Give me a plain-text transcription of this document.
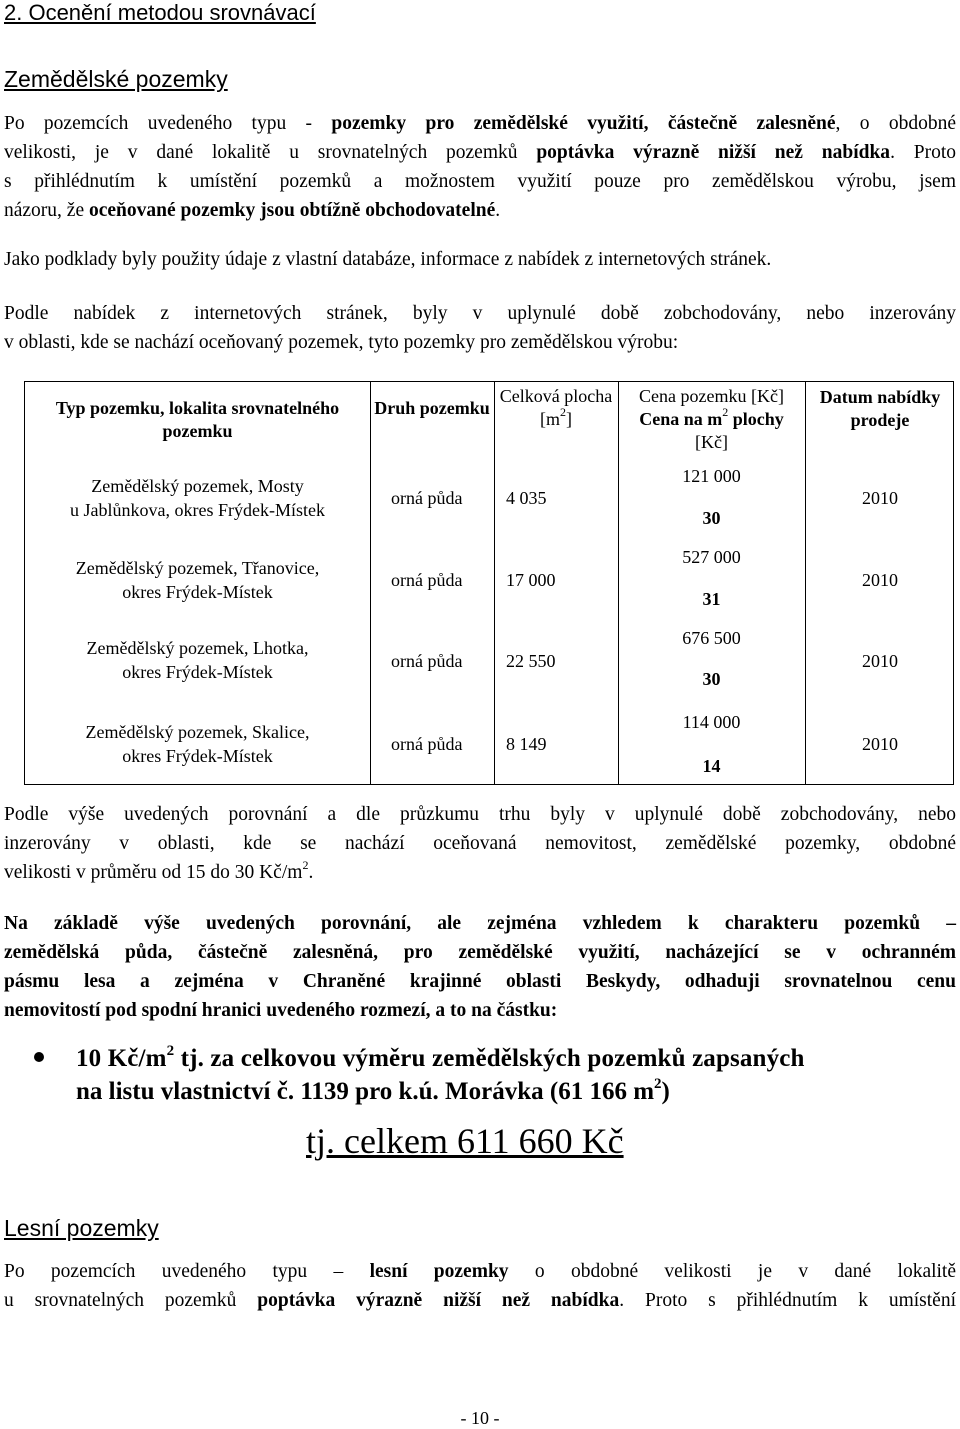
2. Ocenění metodou srovnávací
Zemědělské pozemky
Po pozemcích uvedeného typu - pozemky pro zemědělské využití, částečně zalesněné, o obdobné
velikosti, je v dané lokalitě u srovnatelných pozemků poptávka výrazně nižší než nabídka. Proto
s přihlédnutím k umístění pozemků a možnostem využití pouze pro zemědělskou výrobu, jsem
názoru, že oceňované pozemky jsou obtížně obchodovatelné.
Jako podklady byly použity údaje z vlastní databáze, informace z nabídek z internetových stránek.
Podle nabídek z internetových stránek, byly v uplynulé době zobchodovány, nebo inzerovány
v oblasti, kde se nachází oceňovaný pozemek, tyto pozemky pro zemědělskou výrobu:
Typ pozemku, lokalita srovnatelného pozemku
Druh pozemku
Celková plocha
$[m^2]$
Cena pozemku [Kč]
Cena na $m^2$ plochy
[Kč]
Datum nabídky prodeje
Zemědělský pozemek, Mosty
u Jablůnkova, okres Frýdek-Místek
orná půda 4 035
121 000
30
2010
Zemědělský pozemek, Třanovice,
okres Frýdek-Místek
orná půda 17 000
527 000
31
2010
Zemědělský pozemek, Lhotka,
okres Frýdek-Místek
orná půda 22 550
676 500
30
2010
Zemědělský pozemek, Skalice,
okres Frýdek-Místek
orná půda 8 149
114 000
14
2010
Podle výše uvedených porovnání a dle průzkumu trhu byly v uplynulé době zobchodovány, nebo
inzerovány v oblasti, kde se nachází oceňovaná nemovitost, zemědělské pozemky, obdobné
velikosti v průměru od 15 do 30 $Kč/m^2$.
Na základě výše uvedených porovnání, ale zejména vzhledem k charakteru pozemků –
zemědělská půda, částečně zalesněná, pro zemědělské využití, nacházející se v ochranném
pásmu lesa a zejména v Chraněné krajinné oblasti Beskydy, odhaduji srovnatelnou cenu
nemovitostí pod spodní hranici uvedeného rozmezí, a to na částku:
10 $Kč/m^2$ tj. za celkovou výměru zemědělských pozemků zapsaných
na listu vlastnictví č. 1139 pro k.ú. Morávka (61 166 $m^2$)
tj. celkem 611 660 Kč
Lesní pozemky
Po pozemcích uvedeného typu – lesní pozemky o obdobné velikosti je v dané lokalitě
u srovnatelných pozemků poptávka výrazně nižší než nabídka. Proto s přihlédnutím k umístění
- 10 -
